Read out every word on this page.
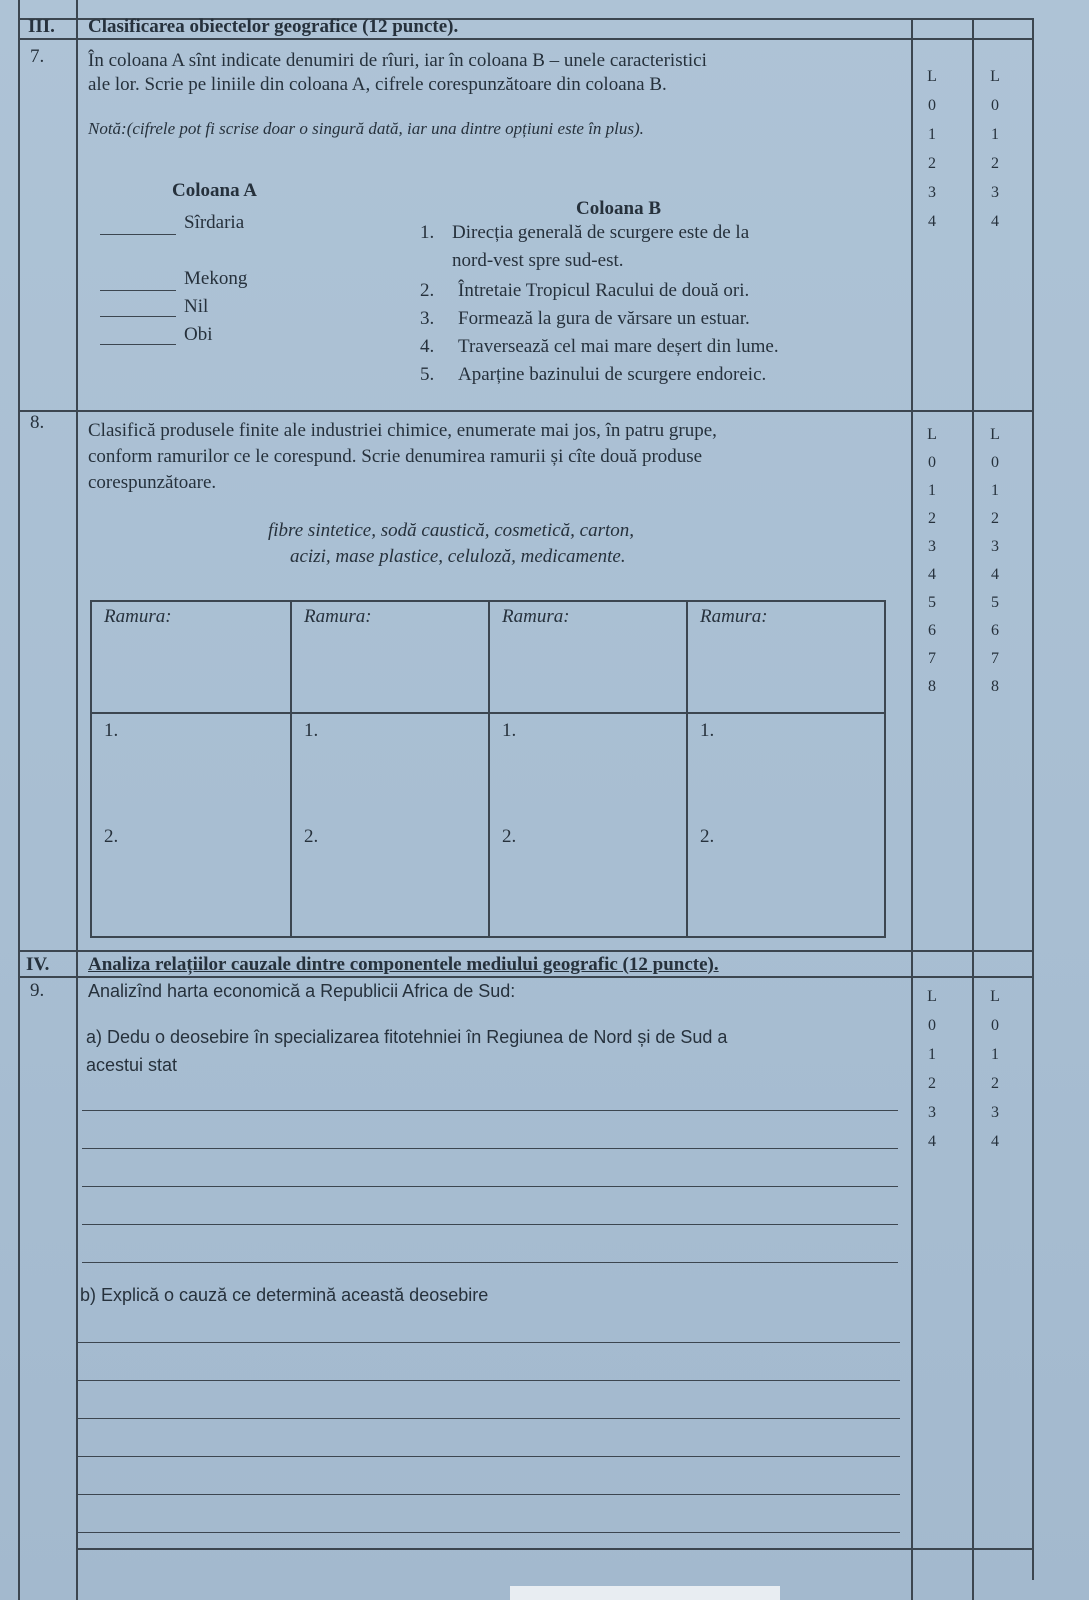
III. Clasificarea obiectelor geografice (12 puncte).
7. În coloana A sînt indicate denumiri de rîuri, iar în coloana B – unele caracteristici
ale lor. Scrie pe liniile din coloana A, cifrele corespunzătoare din coloana B.
Notă:(cifrele pot fi scrise doar o singură dată, iar una dintre opțiuni este în plus).
Coloana A
Coloana B
Sîrdaria
Mekong
Nil
Obi
1. Direcția generală de scurgere este de la
nord-vest spre sud-est.
2. Întretaie Tropicul Racului de două ori.
3. Formează la gura de vărsare un estuar.
4. Traversează cel mai mare deșert din lume.
5. Aparține bazinului de scurgere endoreic.
L
0
1
2
3
4
L
0
1
2
3
4
8. Clasifică produsele finite ale industriei chimice, enumerate mai jos, în patru grupe,
conform ramurilor ce le corespund. Scrie denumirea ramurii și cîte două produse
corespunzătoare.
fibre sintetice, sodă caustică, cosmetică, carton,
acizi, mase plastice, celuloză, medicamente.
Ramura:	Ramura:	Ramura:	Ramura:
1.	1.	1.	1.
2.	2.	2.	2.
L
0
1
2
3
4
5
6
7
8
L
0
1
2
3
4
5
6
7
8
IV. Analiza relațiilor cauzale dintre componentele mediului geografic (12 puncte).
9. Analizînd harta economică a Republicii Africa de Sud:
a) Dedu o deosebire în specializarea fitotehniei în Regiunea de Nord și de Sud a
acestui stat
b) Explică o cauză ce determină această deosebire
L
0
1
2
3
4
L
0
1
2
3
4
